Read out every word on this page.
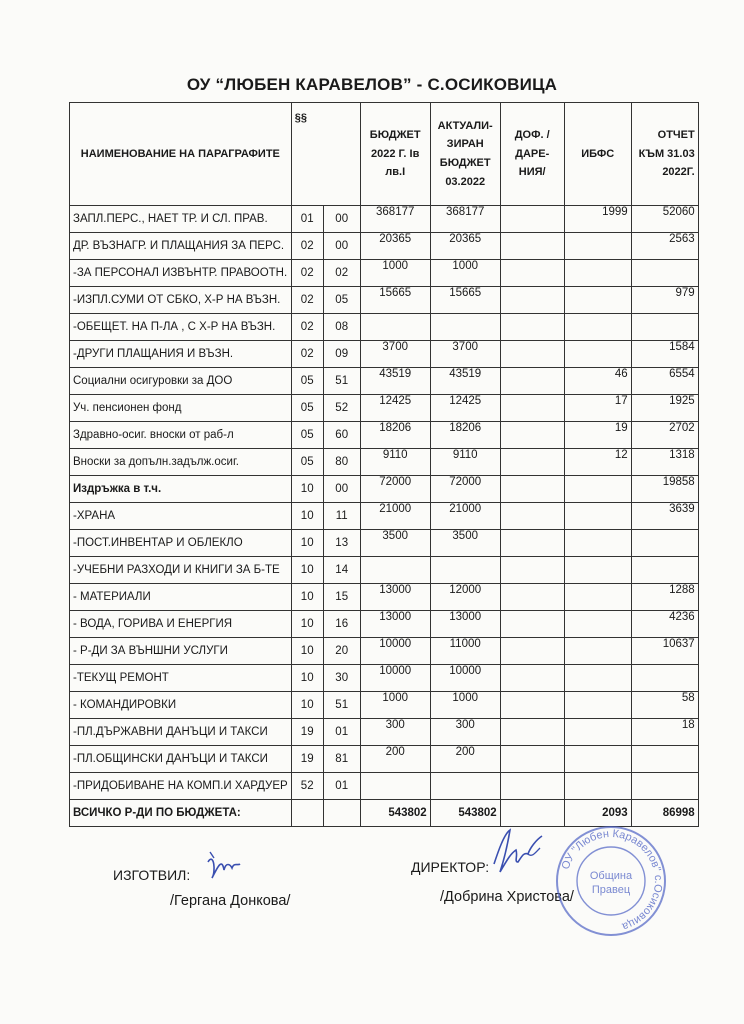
ОУ “ЛЮБЕН КАРАВЕЛОВ” - С.ОСИКОВИЦА
НАИМЕНОВАНИЕ НА ПАРАГРАФИТЕ	§§		БЮДЖЕТ 2022 Г. Iв лв.I	АКТУАЛИ- ЗИРАН БЮДЖЕТ 03.2022	ДОФ. /ДАРЕ- НИЯ/	ИБФС	ОТЧЕТ КЪМ 31.03 2022Г.
ЗАПЛ.ПЕРС., НАЕТ ТР. И СЛ. ПРАВ.	01	00	368177	368177		1999	52060
ДР. ВЪЗНАГР. И ПЛАЩАНИЯ ЗА ПЕРС.	02	00	20365	20365			2563
-ЗА ПЕРСОНАЛ ИЗВЪНТР. ПРАВООТН.	02	02	1000	1000			
-ИЗПЛ.СУМИ ОТ СБКО, Х-Р НА ВЪЗН.	02	05	15665	15665			979
-ОБЕЩЕТ. НА П-ЛА , С Х-Р НА ВЪЗН.	02	08					
-ДРУГИ ПЛАЩАНИЯ И ВЪЗН.	02	09	3700	3700			1584
Социални осигуровки за ДОО	05	51	43519	43519		46	6554
Уч. пенсионен фонд	05	52	12425	12425		17	1925
Здравно-осиг. вноски от раб-л	05	60	18206	18206		19	2702
Вноски за допълн.задълж.осиг.	05	80	9110	9110		12	1318
Издръжка в т.ч.	10	00	72000	72000			19858
-ХРАНА	10	11	21000	21000			3639
-ПОСТ.ИНВЕНТАР И ОБЛЕКЛО	10	13	3500	3500			
-УЧЕБНИ РАЗХОДИ И КНИГИ ЗА Б-ТЕ	10	14					
- МАТЕРИАЛИ	10	15	13000	12000			1288
- ВОДА, ГОРИВА И ЕНЕРГИЯ	10	16	13000	13000			4236
- Р-ДИ ЗА ВЪНШНИ УСЛУГИ	10	20	10000	11000			10637
-ТЕКУЩ РЕМОНТ	10	30	10000	10000			
- КОМАНДИРОВКИ	10	51	1000	1000			58
-ПЛ.ДЪРЖАВНИ ДАНЪЦИ И ТАКСИ	19	01	300	300			18
-ПЛ.ОБЩИНСКИ ДАНЪЦИ И ТАКСИ	19	81	200	200			
-ПРИДОБИВАНЕ НА КОМП.И ХАРДУЕР	52	01					
ВСИЧКО Р-ДИ ПО БЮДЖЕТА:			543802	543802		2093	86998
ИЗГОТВИЛ:
/Гергана Донкова/
ДИРЕКТОР:
/Добрина Христова/
ОУ "Любен Каравелов" с.Осиковица
Община
Правец
